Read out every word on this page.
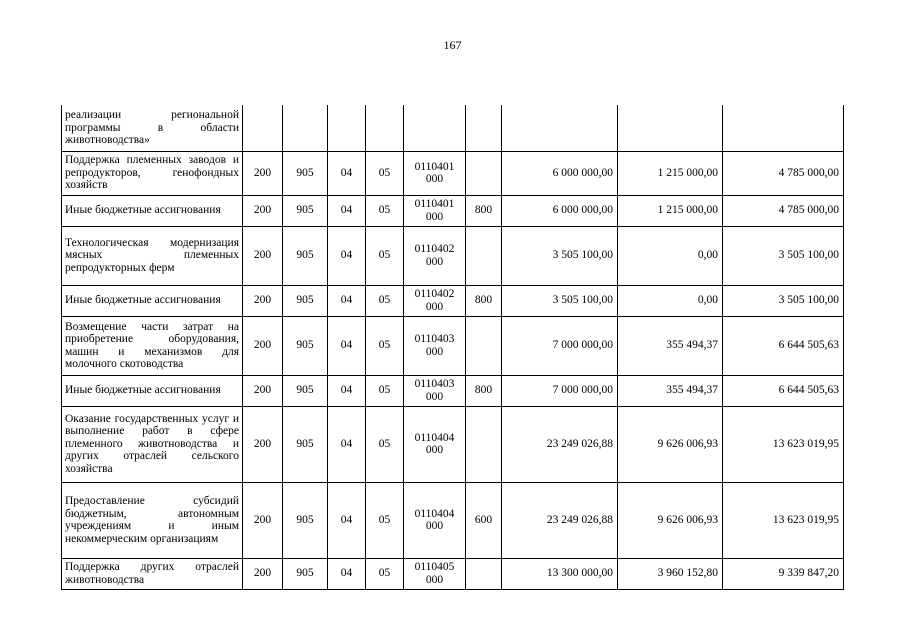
167
реализации региональной программы в области животноводства»									
Поддержка племенных заводов и репродукторов, генофондных хозяйств	200	905	04	05	0110401 000		6 000 000,00	1 215 000,00	4 785 000,00
Иные бюджетные ассигнования	200	905	04	05	0110401 000	800	6 000 000,00	1 215 000,00	4 785 000,00
Технологическая модернизация мясных племенных репродукторных ферм	200	905	04	05	0110402 000		3 505 100,00	0,00	3 505 100,00
Иные бюджетные ассигнования	200	905	04	05	0110402 000	800	3 505 100,00	0,00	3 505 100,00
Возмещение части затрат на приобретение оборудования, машин и механизмов для молочного скотоводства	200	905	04	05	0110403 000		7 000 000,00	355 494,37	6 644 505,63
Иные бюджетные ассигнования	200	905	04	05	0110403 000	800	7 000 000,00	355 494,37	6 644 505,63
Оказание государственных услуг и выполнение работ в сфере племенного животноводства и других отраслей сельского хозяйства	200	905	04	05	0110404 000		23 249 026,88	9 626 006,93	13 623 019,95
Предоставление субсидий бюджетным, автономным учреждениям и иным некоммерческим организациям	200	905	04	05	0110404 000	600	23 249 026,88	9 626 006,93	13 623 019,95
Поддержка других отраслей животноводства	200	905	04	05	0110405 000		13 300 000,00	3 960 152,80	9 339 847,20
